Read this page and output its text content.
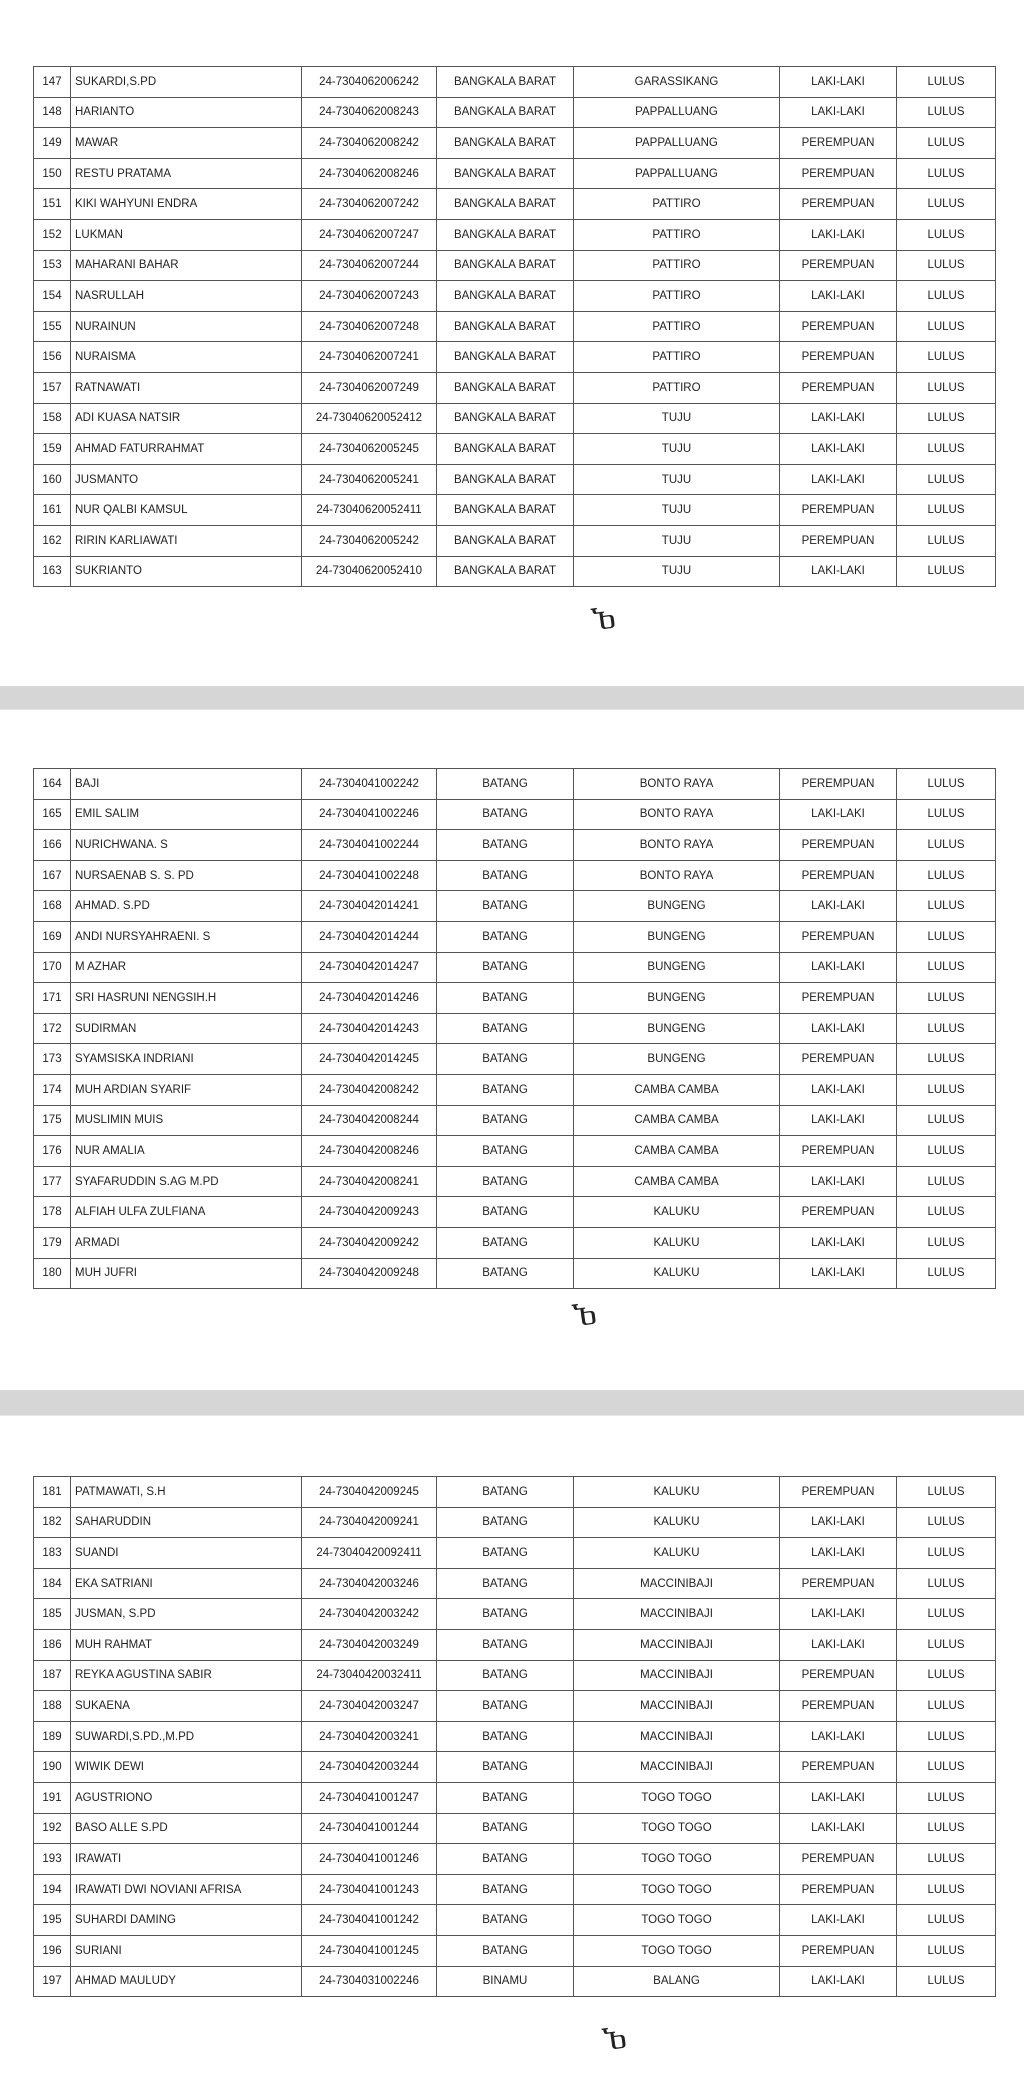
147	SUKARDI,S.PD	24-7304062006242	BANGKALA BARAT	GARASSIKANG	LAKI-LAKI	LULUS
148	HARIANTO	24-7304062008243	BANGKALA BARAT	PAPPALLUANG	LAKI-LAKI	LULUS
149	MAWAR	24-7304062008242	BANGKALA BARAT	PAPPALLUANG	PEREMPUAN	LULUS
150	RESTU PRATAMA	24-7304062008246	BANGKALA BARAT	PAPPALLUANG	PEREMPUAN	LULUS
151	KIKI WAHYUNI ENDRA	24-7304062007242	BANGKALA BARAT	PATTIRO	PEREMPUAN	LULUS
152	LUKMAN	24-7304062007247	BANGKALA BARAT	PATTIRO	LAKI-LAKI	LULUS
153	MAHARANI BAHAR	24-7304062007244	BANGKALA BARAT	PATTIRO	PEREMPUAN	LULUS
154	NASRULLAH	24-7304062007243	BANGKALA BARAT	PATTIRO	LAKI-LAKI	LULUS
155	NURAINUN	24-7304062007248	BANGKALA BARAT	PATTIRO	PEREMPUAN	LULUS
156	NURAISMA	24-7304062007241	BANGKALA BARAT	PATTIRO	PEREMPUAN	LULUS
157	RATNAWATI	24-7304062007249	BANGKALA BARAT	PATTIRO	PEREMPUAN	LULUS
158	ADI KUASA NATSIR	24-73040620052412	BANGKALA BARAT	TUJU	LAKI-LAKI	LULUS
159	AHMAD FATURRAHMAT	24-7304062005245	BANGKALA BARAT	TUJU	LAKI-LAKI	LULUS
160	JUSMANTO	24-7304062005241	BANGKALA BARAT	TUJU	LAKI-LAKI	LULUS
161	NUR QALBI KAMSUL	24-73040620052411	BANGKALA BARAT	TUJU	PEREMPUAN	LULUS
162	RIRIN KARLIAWATI	24-7304062005242	BANGKALA BARAT	TUJU	PEREMPUAN	LULUS
163	SUKRIANTO	24-73040620052410	BANGKALA BARAT	TUJU	LAKI-LAKI	LULUS
Ⴆ
164	BAJI	24-7304041002242	BATANG	BONTO RAYA	PEREMPUAN	LULUS
165	EMIL SALIM	24-7304041002246	BATANG	BONTO RAYA	LAKI-LAKI	LULUS
166	NURICHWANA. S	24-7304041002244	BATANG	BONTO RAYA	PEREMPUAN	LULUS
167	NURSAENAB S. S. PD	24-7304041002248	BATANG	BONTO RAYA	PEREMPUAN	LULUS
168	AHMAD. S.PD	24-7304042014241	BATANG	BUNGENG	LAKI-LAKI	LULUS
169	ANDI NURSYAHRAENI. S	24-7304042014244	BATANG	BUNGENG	PEREMPUAN	LULUS
170	M AZHAR	24-7304042014247	BATANG	BUNGENG	LAKI-LAKI	LULUS
171	SRI HASRUNI NENGSIH.H	24-7304042014246	BATANG	BUNGENG	PEREMPUAN	LULUS
172	SUDIRMAN	24-7304042014243	BATANG	BUNGENG	LAKI-LAKI	LULUS
173	SYAMSISKA INDRIANI	24-7304042014245	BATANG	BUNGENG	PEREMPUAN	LULUS
174	MUH ARDIAN SYARIF	24-7304042008242	BATANG	CAMBA CAMBA	LAKI-LAKI	LULUS
175	MUSLIMIN MUIS	24-7304042008244	BATANG	CAMBA CAMBA	LAKI-LAKI	LULUS
176	NUR AMALIA	24-7304042008246	BATANG	CAMBA CAMBA	PEREMPUAN	LULUS
177	SYAFARUDDIN S.AG M.PD	24-7304042008241	BATANG	CAMBA CAMBA	LAKI-LAKI	LULUS
178	ALFIAH ULFA ZULFIANA	24-7304042009243	BATANG	KALUKU	PEREMPUAN	LULUS
179	ARMADI	24-7304042009242	BATANG	KALUKU	LAKI-LAKI	LULUS
180	MUH JUFRI	24-7304042009248	BATANG	KALUKU	LAKI-LAKI	LULUS
Ⴆ
181	PATMAWATI, S.H	24-7304042009245	BATANG	KALUKU	PEREMPUAN	LULUS
182	SAHARUDDIN	24-7304042009241	BATANG	KALUKU	LAKI-LAKI	LULUS
183	SUANDI	24-73040420092411	BATANG	KALUKU	LAKI-LAKI	LULUS
184	EKA SATRIANI	24-7304042003246	BATANG	MACCINIBAJI	PEREMPUAN	LULUS
185	JUSMAN, S.PD	24-7304042003242	BATANG	MACCINIBAJI	LAKI-LAKI	LULUS
186	MUH RAHMAT	24-7304042003249	BATANG	MACCINIBAJI	LAKI-LAKI	LULUS
187	REYKA AGUSTINA SABIR	24-73040420032411	BATANG	MACCINIBAJI	PEREMPUAN	LULUS
188	SUKAENA	24-7304042003247	BATANG	MACCINIBAJI	PEREMPUAN	LULUS
189	SUWARDI,S.PD.,M.PD	24-7304042003241	BATANG	MACCINIBAJI	LAKI-LAKI	LULUS
190	WIWIK DEWI	24-7304042003244	BATANG	MACCINIBAJI	PEREMPUAN	LULUS
191	AGUSTRIONO	24-7304041001247	BATANG	TOGO TOGO	LAKI-LAKI	LULUS
192	BASO ALLE S.PD	24-7304041001244	BATANG	TOGO TOGO	LAKI-LAKI	LULUS
193	IRAWATI	24-7304041001246	BATANG	TOGO TOGO	PEREMPUAN	LULUS
194	IRAWATI DWI NOVIANI AFRISA	24-7304041001243	BATANG	TOGO TOGO	PEREMPUAN	LULUS
195	SUHARDI DAMING	24-7304041001242	BATANG	TOGO TOGO	LAKI-LAKI	LULUS
196	SURIANI	24-7304041001245	BATANG	TOGO TOGO	PEREMPUAN	LULUS
197	AHMAD MAULUDY	24-7304031002246	BINAMU	BALANG	LAKI-LAKI	LULUS
Ⴆ
